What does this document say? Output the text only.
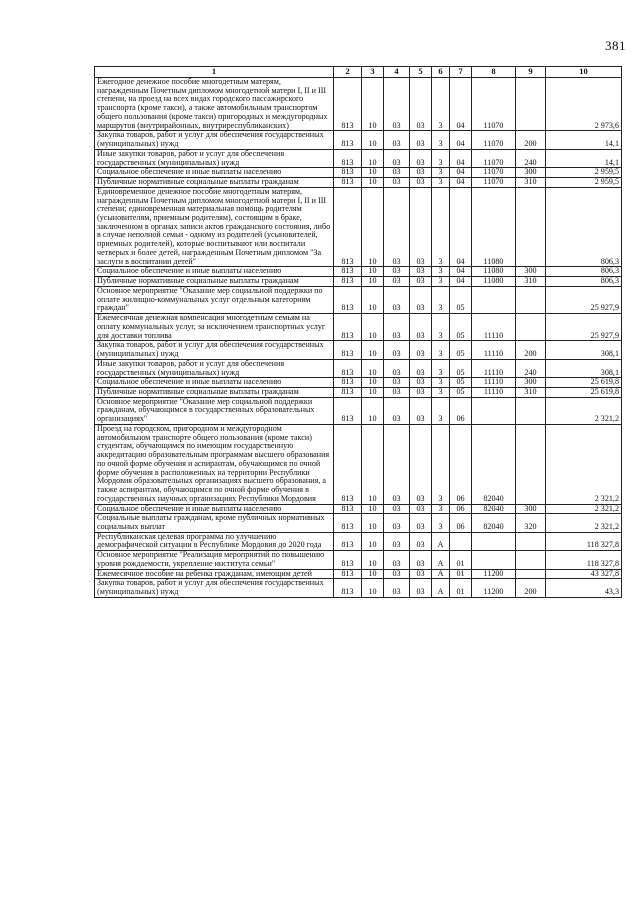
381
1	2	3	4	5	6	7	8	9	10
Ежегодное денежное пособие многодетным матерям, награжденным Почетным дипломом многодетной матери I, II и III степени, на проезд на всех видах городского пассажирского транспорта (кроме такси), а также автомобильным транспортом общего пользования (кроме такси) пригородных и междугородных маршрутов (внутрирайонных, внутриреспубликанских)	813	10	03	03	3	04	11070		2 973,6
Закупка товаров, работ и услуг для обеспечения государственных (муниципальных) нужд	813	10	03	03	3	04	11070	200	14,1
Иные закупки товаров, работ и услуг для обеспечения государственных (муниципальных) нужд	813	10	03	03	3	04	11070	240	14,1
Социальное обеспечение и иные выплаты населению	813	10	03	03	3	04	11070	300	2 959,5
Публичные нормативные социальные выплаты гражданам	813	10	03	03	3	04	11070	310	2 959,5
Единовременное денежное пособие многодетным матерям, награжденным Почетным дипломом многодетной матери I, II и III степени; единовременная материальная помощь родителям (усыновителям, приемным родителям), состоящим в браке, заключенном в органах записи актов гражданского состояния, либо в случае неполной семьи - одному из родителей (усыновителей, приемных родителей), которые воспитывают или воспитали четверых и более детей, награжденным Почетным дипломом "За заслуги в воспитании детей"	813	10	03	03	3	04	11080		806,3
Социальное обеспечение и иные выплаты населению	813	10	03	03	3	04	11080	300	806,3
Публичные нормативные социальные выплаты гражданам	813	10	03	03	3	04	11080	310	806,3
Основное мероприятие "Оказание мер социальной поддержки по оплате жилищно-коммунальных услуг отдельным категориям граждан"	813	10	03	03	3	05			25 927,9
Ежемесячная денежная компенсация многодетным семьям на оплату коммунальных услуг, за исключением транспортных услуг для доставки топлива	813	10	03	03	3	05	11110		25 927,9
Закупка товаров, работ и услуг для обеспечения государственных (муниципальных) нужд	813	10	03	03	3	05	11110	200	308,1
Иные закупки товаров, работ и услуг для обеспечения государственных (муниципальных) нужд	813	10	03	03	3	05	11110	240	308,1
Социальное обеспечение и иные выплаты населению	813	10	03	03	3	05	11110	300	25 619,8
Публичные нормативные социальные выплаты гражданам	813	10	03	03	3	05	11110	310	25 619,8
Основное мероприятие "Оказание мер социальной поддержки гражданам, обучающимся в государственных образовательных организациях"	813	10	03	03	3	06			2 321,2
Проезд на городском, пригородном и междугородном автомобильном транспорте общего пользования (кроме такси) студентам, обучающимся по имеющим государственную аккредитацию образовательным программам высшего образования по очной форме обучения и аспирантам, обучающимся по очной форме обучения в расположенных на территории Республики Мордовия образовательных организациях высшего образования, а также аспирантам, обучающимся по очной форме обучения в государственных научных организациях Республики Мордовия	813	10	03	03	3	06	82040		2 321,2
Социальное обеспечение и иные выплаты населению	813	10	03	03	3	06	82040	300	2 321,2
Социальные выплаты гражданам, кроме публичных нормативных социальных выплат	813	10	03	03	3	06	82040	320	2 321,2
Республиканская целевая программа по улучшению демографической ситуации в Республике Мордовия до 2020 года	813	10	03	03	А				118 327,8
Основное мероприятие "Реализация мероприятий по повышению уровня рождаемости, укрепление института семьи"	813	10	03	03	А	01			118 327,8
Ежемесячное пособие на ребенка гражданам, имеющим детей	813	10	03	03	А	01	11200		43 327,8
Закупка товаров, работ и услуг для обеспечения государственных (муниципальных) нужд	813	10	03	03	А	01	11200	200	43,3
